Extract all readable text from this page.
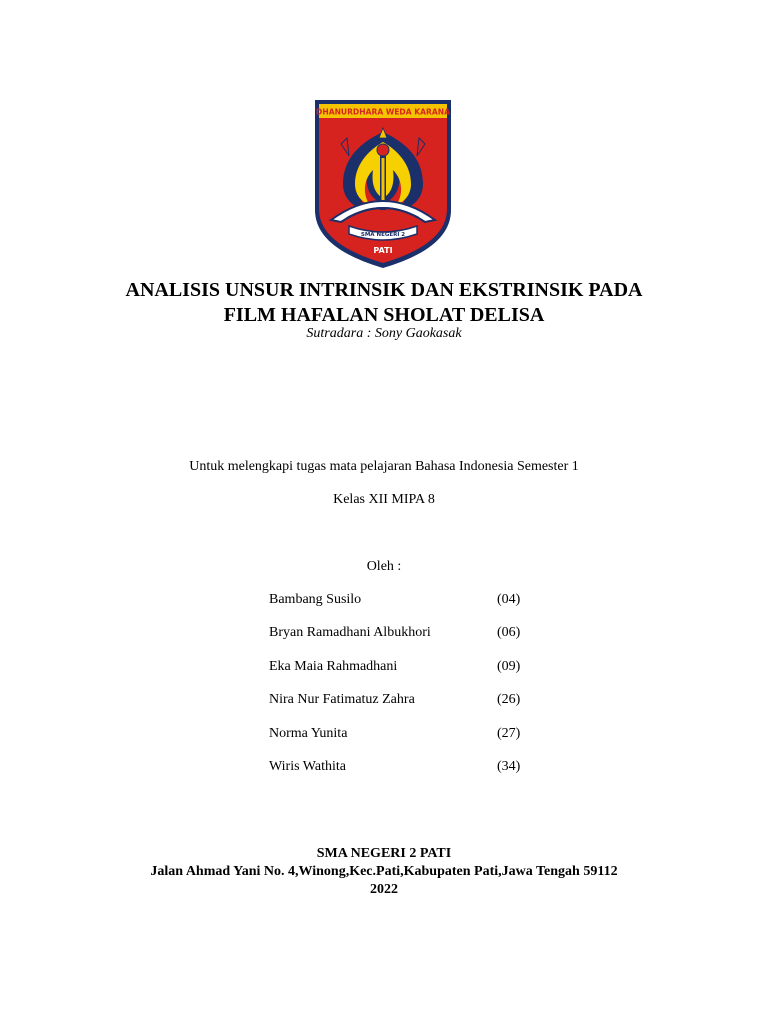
DHANURDHARA WEDA KARANA
SMA NEGERI 2
PATI
ANALISIS UNSUR INTRINSIK DAN EKSTRINSIK PADA
FILM HAFALAN SHOLAT DELISA
Sutradara : Sony Gaokasak
Untuk melengkapi tugas mata pelajaran Bahasa Indonesia Semester 1
Kelas XII MIPA 8
Oleh :
Bambang Susilo	(04)
Bryan Ramadhani Albukhori	(06)
Eka Maia Rahmadhani	(09)
Nira Nur Fatimatuz Zahra	(26)
Norma Yunita	(27)
Wiris Wathita	(34)
SMA NEGERI 2 PATI
Jalan Ahmad Yani No. 4,Winong,Kec.Pati,Kabupaten Pati,Jawa Tengah 59112
2022
